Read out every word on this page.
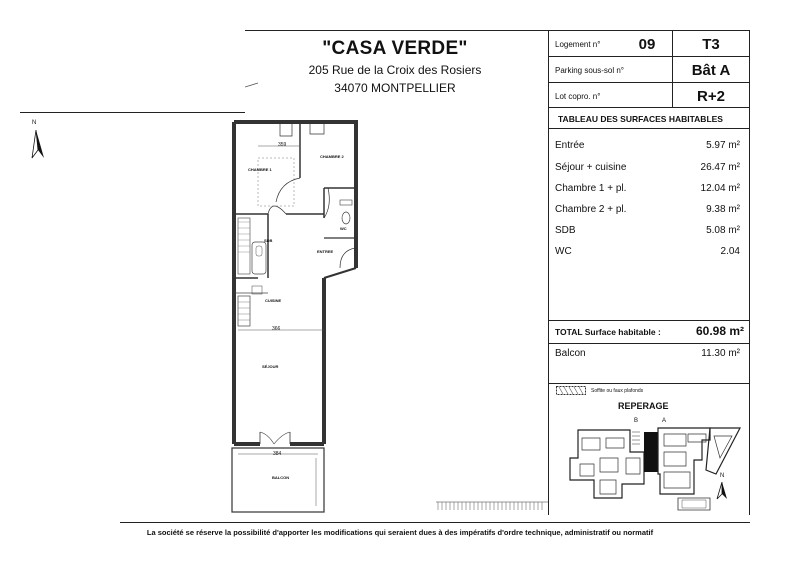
"CASA VERDE"
205 Rue de la Croix des Rosiers
34070 MONTPELLIER
Logement n°	09	T3
Parking sous-sol n°	Bât A
Lot copro. n°	R+2
TABLEAU DES SURFACES HABITABLES
Entrée	5.97 m²
Séjour + cuisine	26.47 m²
Chambre 1 + pl.	12.04 m²
Chambre 2 + pl.	9.38 m²
SDB	5.08 m²
WC	2.04
TOTAL Surface habitable :	60.98 m²
Balcon	11.30 m²
Soffite ou faux plafonds
REPERAGE
B	A
N
N
CHAMBRE 1
CHAMBRE 2
SDB
ENTREE
WC
CUISINE
SÉJOUR
BALCON
359
366
384
La société se réserve la possibilité d'apporter les modifications qui seraient dues à des impératifs d'ordre technique, administratif ou normatif
